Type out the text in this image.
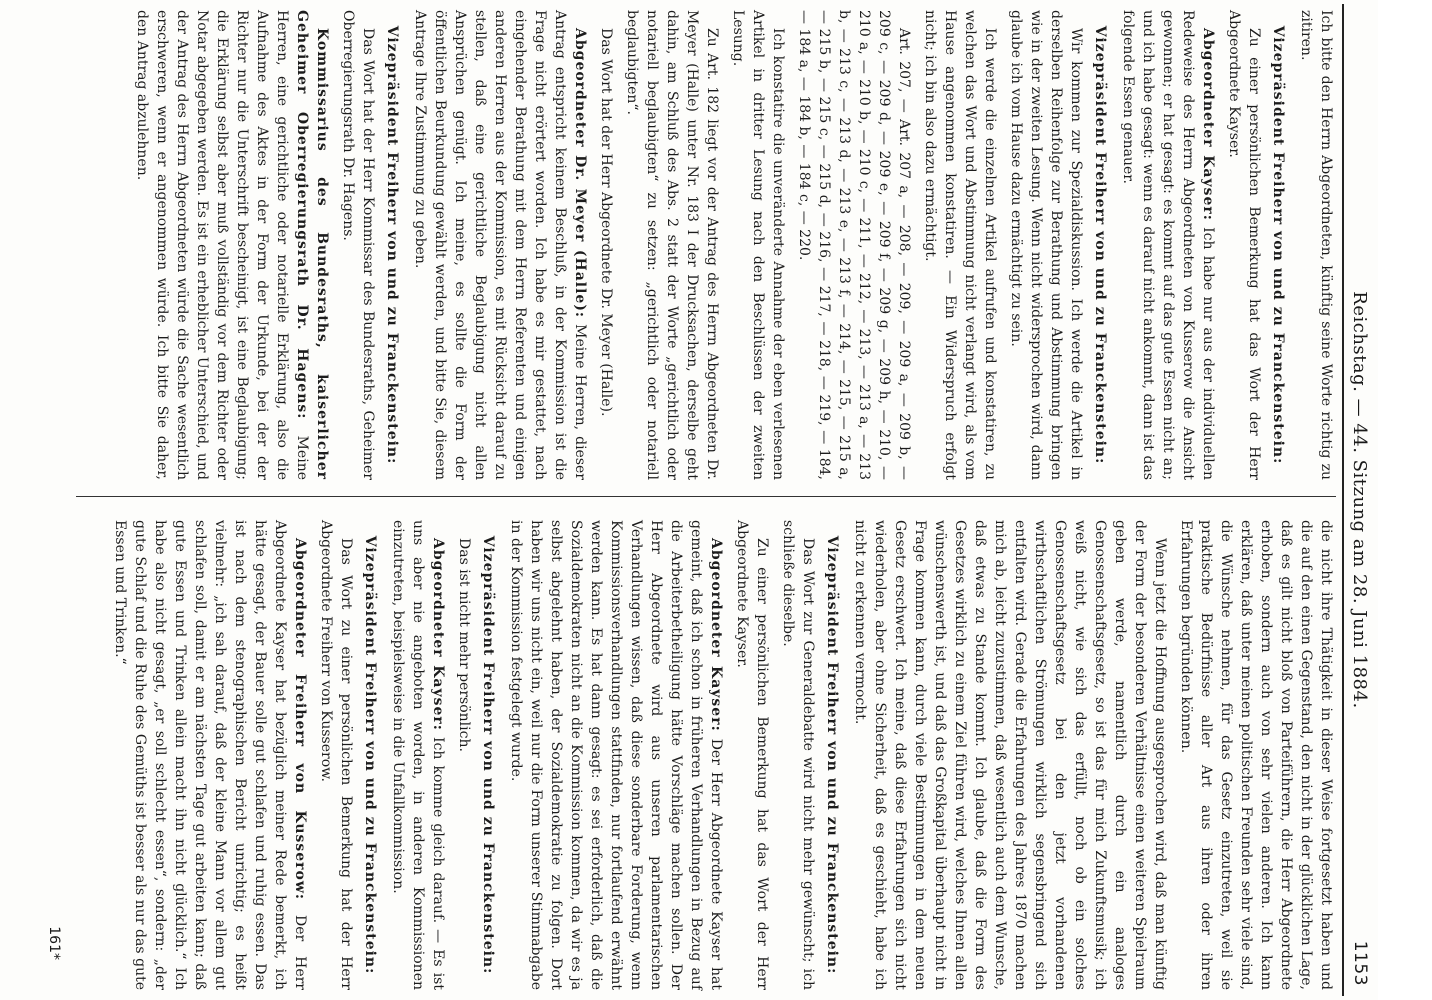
Reichstag. — 44. Sitzung am 28. Juni 1884.
1153

Ich bitte den Herrn Abgeordneten, künftig seine Worte richtig zu zitiren.

Vizepräsident Freiherr von und zu Franckenstein:

Zu einer persönlichen Bemerkung hat das Wort der Herr Abgeordnete Kayser.

Abgeordneter Kayser: Ich habe nur aus der individuellen Redeweise des Herrn Abgeordneten von Kusserow die Ansicht gewonnen; er hat gesagt: es kommt auf das gute Essen nicht an; und ich habe gesagt: wenn es darauf nicht ankommt, dann ist das folgende Essen genauer.

Vizepräsident Freiherr von und zu Franckenstein:

Wir kommen zur Spezialdiskussion. Ich werde die Artikel in derselben Reihenfolge zur Berathung und Abstimmung bringen wie in der zweiten Lesung. Wenn nicht widersprochen wird, dann glaube ich vom Hause dazu ermächtigt zu sein.

Ich werde die einzelnen Artikel aufrufen und konstatiren, zu welchen das Wort und Abstimmung nicht verlangt wird, als vom Hause angenommen konstatiren. — Ein Widerspruch erfolgt nicht; ich bin also dazu ermächtigt.

Art. 207, — Art. 207 a, — 208, — 209, — 209 a, — 209 b, — 209 c, — 209 d, — 209 e, — 209 f, — 209 g, — 209 h, — 210, — 210 a, — 210 b, — 210 c, — 211, — 212, — 213, — 213 a, — 213 b, — 213 c, — 213 d, — 213 e, — 213 f, — 214, — 215, — 215 a, — 215 b, — 215 c, — 215 d, — 216, — 217, — 218, — 219, — 184, — 184 a, — 184 b, — 184 c, — 220.

Ich konstatire die unveränderte Annahme der eben verlesenen Artikel in dritter Lesung nach den Beschlüssen der zweiten Lesung.

Zu Art. 182 liegt vor der Antrag des Herrn Abgeordneten Dr. Meyer (Halle) unter Nr. 183 I der Drucksachen, derselbe geht dahin, am Schluß des Abs. 2 statt der Worte „gerichtlich oder notariell beglaubigten“ zu setzen: „gerichtlich oder notariell beglaubigten“.

Das Wort hat der Herr Abgeordnete Dr. Meyer (Halle).

Abgeordneter Dr. Meyer (Halle): Meine Herren, dieser Antrag entspricht keinem Beschluß, in der Kommission ist die Frage nicht erörtert worden. Ich habe es mir gestattet, nach eingehender Berathung mit dem Herrn Referenten und einigen anderen Herren aus der Kommission, es mit Rücksicht darauf zu stellen, daß eine gerichtliche Beglaubigung nicht allen Ansprüchen genügt. Ich meine, es sollte die Form der öffentlichen Beurkundung gewählt werden, und bitte Sie, diesem Antrage Ihre Zustimmung zu geben.

Vizepräsident Freiherr von und zu Franckenstein:

Das Wort hat der Herr Kommissar des Bundesraths, Geheimer Oberregierungsrath Dr. Hagens.

Kommissarius des Bundesraths, kaiserlicher Geheimer Oberregierungsrath Dr. Hagens: Meine Herren, eine gerichtliche oder notarielle Erklärung, also die Aufnahme des Aktes in der Form der Urkunde, bei der der Richter nur die Unterschrift bescheinigt, ist eine Beglaubigung; die Erklärung selbst aber muß vollständig vor dem Richter oder Notar abgegeben werden. Es ist ein erheblicher Unterschied, und der Antrag des Herrn Abgeordneten würde die Sache wesentlich erschweren, wenn er angenommen würde. Ich bitte Sie daher, den Antrag abzulehnen.

die nicht ihre Thätigkeit in dieser Weise fortgesetzt haben und die auf den einen Gegenstand, den nicht in der glücklichen Lage, daß es gilt nicht bloß von Parteiführern, die Herr Abgeordnete erhoben, sondern auch von sehr vielen anderen. Ich kann erklären, daß unter meinen politischen Freunden sehr viele sind, die Wünsche nehmen, für das Gesetz einzutreten, weil sie praktische Bedürfnisse aller Art aus ihren oder ihren Erfahrungen begründen können.

Wenn jetzt die Hoffnung ausgesprochen wird, daß man künftig der Form der besonderen Verhältnisse einen weiteren Spielraum geben werde, namentlich durch ein analoges Genossenschaftsgesetz, so ist das für mich Zukunftsmusik; ich weiß nicht, wie sich das erfüllt, noch ob ein solches Genossenschaftsgesetz bei den jetzt vorhandenen wirthschaftlichen Strömungen wirklich segensbringend sich entfalten wird. Gerade die Erfahrungen des Jahres 1870 machen mich ab, leicht zuzustimmen, daß wesentlich auch dem Wunsche, daß etwas zu Stande kommt. Ich glaube, daß die Form des Gesetzes wirklich zu einem Ziel führen wird, welches Ihnen allen wünschenswerth ist, und daß das Großkapital überhaupt nicht in Frage kommen kann, durch viele Bestimmungen in dem neuen Gesetz erschwert. Ich meine, daß diese Erfahrungen sich nicht wiederholen, aber ohne Sicherheit, daß es geschieht, habe ich nicht zu erkennen vermocht.

Vizepräsident Freiherr von und zu Franckenstein:

Das Wort zur Generaldebatte wird nicht mehr gewünscht; ich schließe dieselbe.

Zu einer persönlichen Bemerkung hat das Wort der Herr Abgeordnete Kayser.

Abgeordneter Kayser: Der Herr Abgeordnete Kayser hat gemeint, daß ich schon in früheren Verhandlungen in Bezug auf die Arbeiterbetheiligung hätte Vorschläge machen sollen. Der Herr Abgeordnete wird aus unseren parlamentarischen Verhandlungen wissen, daß diese sonderbare Forderung, wenn Kommissionsverhandlungen stattfinden, nur fortlaufend erwähnt werden kann. Es hat dann gesagt: es sei erforderlich, daß die Sozialdemokraten nicht an die Kommission kommen, da wir es ja selbst abgelehnt haben, der Sozialdemokratie zu folgen. Dort haben wir uns nicht ein, weil nur die Form unserer Stimmabgabe in der Kommission festgelegt wurde.

Vizepräsident Freiherr von und zu Franckenstein:

Das ist nicht mehr persönlich.

Abgeordneter Kayser: Ich komme gleich darauf. — Es ist uns aber nie angeboten worden, in anderen Kommissionen einzutreten, beispielsweise in die Unfallkommission.

Vizepräsident Freiherr von und zu Franckenstein:

Das Wort zu einer persönlichen Bemerkung hat der Herr Abgeordnete Freiherr von Kusserow.

Abgeordneter Freiherr von Kusserow: Der Herr Abgeordnete Kayser hat bezüglich meiner Rede bemerkt, ich hätte gesagt, der Bauer solle gut schlafen und ruhig essen. Das ist nach dem stenographischen Bericht unrichtig; es heißt vielmehr: „ich sah darauf, daß der kleine Mann vor allem gut schlafen soll, damit er am nächsten Tage gut arbeiten kann; daß gute Essen und Trinken allein macht ihn nicht glücklich.“ Ich habe also nicht gesagt, „er soll schlecht essen“, sondern: „der gute Schlaf und die Ruhe des Gemüths ist besser als nur das gute Essen und Trinken.“

161*
